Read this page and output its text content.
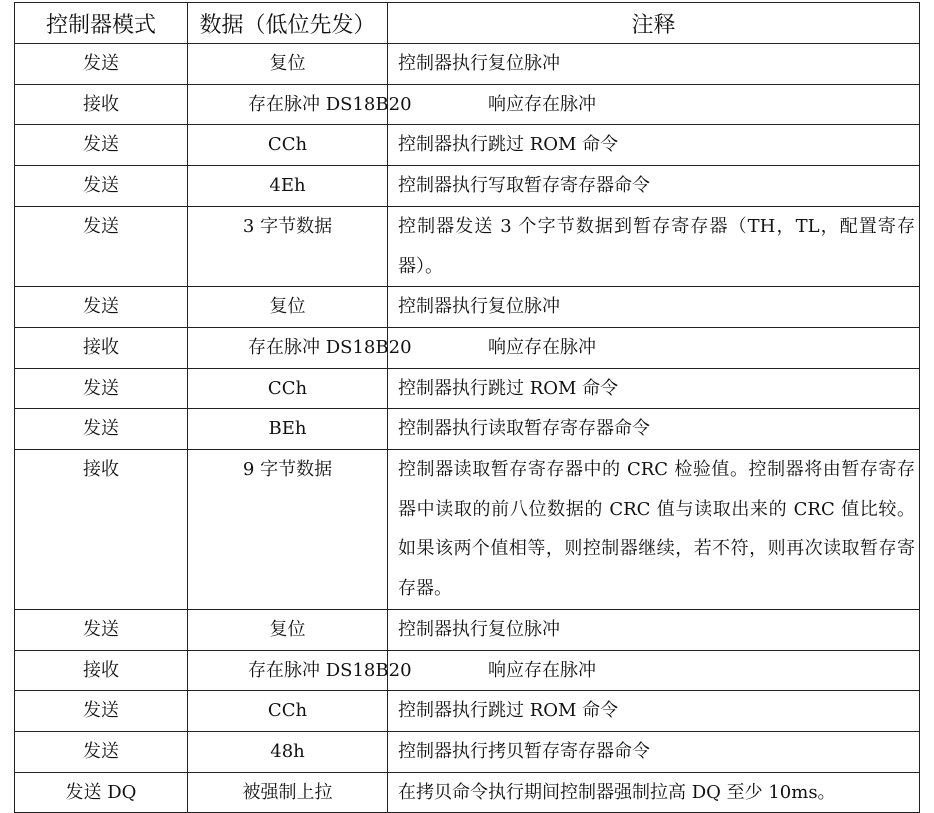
控制器模式	数据（低位先发）	注释
发送	复位	控制器执行复位脉冲
接收	存在脉冲 DS18B20	响应存在脉冲
发送	CCh	控制器执行跳过 ROM 命令
发送	4Eh	控制器执行写取暂存寄存器命令
发送	3 字节数据	控制器发送 3 个字节数据到暂存寄存器（TH，TL，配置寄存器）。
发送	复位	控制器执行复位脉冲
接收	存在脉冲 DS18B20	响应存在脉冲
发送	CCh	控制器执行跳过 ROM 命令
发送	BEh	控制器执行读取暂存寄存器命令
接收	9 字节数据	控制器读取暂存寄存器中的 CRC 检验值。控制器将由暂存寄存器中读取的前八位数据的 CRC 值与读取出来的 CRC 值比较。如果该两个值相等，则控制器继续，若不符，则再次读取暂存寄存器。
发送	复位	控制器执行复位脉冲
接收	存在脉冲 DS18B20	响应存在脉冲
发送	CCh	控制器执行跳过 ROM 命令
发送	48h	控制器执行拷贝暂存寄存器命令
发送 DQ	被强制上拉	在拷贝命令执行期间控制器强制拉高 DQ 至少 10ms。
